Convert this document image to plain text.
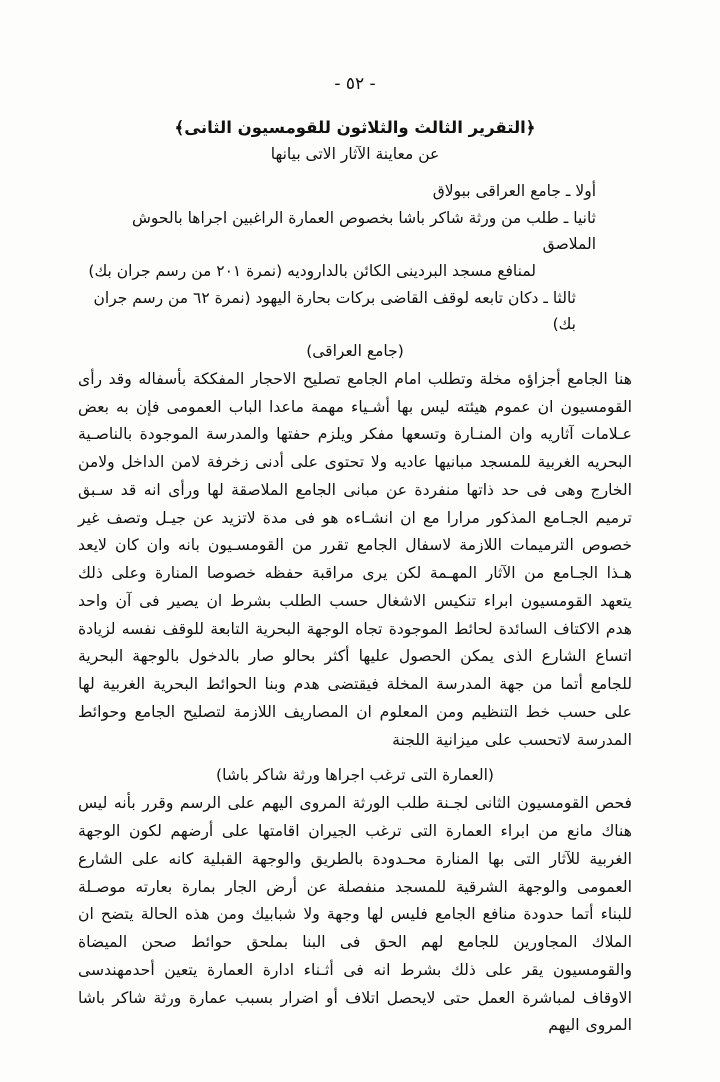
- ٥٢ -
﴿التقرير الثالث والثلاثون للقومسيون الثانى﴾
عن معاينة الآثار الاتى بيانها
أولا ـ جامع العراقى ببولاق
ثانيا ـ طلب من ورثة شاكر باشا بخصوص العمارة الراغبين اجراها بالحوش الملاصق
لمنافع مسجد البردينى الكائن بالداروديه (نمرة ٢٠١ من رسم جران بك)
ثالثا ـ دكان تابعه لوقف القاضى بركات بحارة اليهود (نمرة ٦٢ من رسم جران بك)
(جامع العراقى)

هنا الجامع أجزاؤه مخلة وتطلب امام الجامع تصليح الاحجار المفككة بأسفاله وقد رأى القومسيون ان عموم هيئته ليس بها أشـياء مهمة ماعدا الباب العمومى فإن به بعض عـلامات آثاريه وان المنـارة وتسعها مفكر ويلزم حفتها والمدرسة الموجودة بالناصـية البحريه الغربية للمسجد مبانيها عاديه ولا تحتوى على أدنى زخرفة لامن الداخل ولامن الخارج وهى فى حد ذاتها منفردة عن مبانى الجامع الملاصقة لها ورأى انه قد سـبق ترميم الجـامع المذكور مرارا مع ان انشـاءه هو فى مدة لاتزيد عن جيـل وتصف غير خصوص الترميمات اللازمة لاسفال الجامع تقرر من القومسـيون بانه وان كان لايعد هـذا الجـامع من الآثار المهـمة لكن يرى مراقبة حفظه خصوصا المنارة وعلى ذلك يتعهد القومسيون ابراء تنكيس الاشغال حسب الطلب بشرط ان يصير فى آن واحد هدم الاكتاف السائدة لحائط الموجودة تجاه الوجهة البحرية التابعة للوقف نفسه لزيادة اتساع الشارع الذى يمكن الحصول عليها أكثر بحالو صار بالدخول بالوجهة البحرية للجامع أتما من جهة المدرسة المخلة فيقتضى هدم وبنا الحوائط البحرية الغربية لها على حسب خط التنظيم ومن المعلوم ان المصاريف اللازمة لتصليح الجامع وحوائط المدرسة لاتحسب على ميزانية اللجنة

(العمارة التى ترغب اجراها ورثة شاكر باشا)

فحص القومسيون الثانى لجـنة طلب الورثة المروى اليهم على الرسم وقرر بأنه ليس هناك مانع من ابراء العمارة التى ترغب الجيران اقامتها على أرضهم لكون الوجهة الغربية للآثار التى بها المنارة محـدودة بالطريق والوجهة القبلية كانه على الشارع العمومى والوجهة الشرقية للمسجد منفصلة عن أرض الجار بمارة بعارته موصـلة للبناء أتما حدودة منافع الجامع فليس لها وجهة ولا شبابيك ومن هذه الحالة يتضح ان الملاك المجاورين للجامع لهم الحق فى البنا بملحق حوائط صحن الميضاة والقومسيون يقر على ذلك بشرط انه فى أثـناء ادارة العمارة يتعين أحدمهندسى الاوقاف لمباشرة العمل حتى لايحصل اتلاف أو اضرار بسبب عمارة ورثة شاكر باشا المروى اليهم
